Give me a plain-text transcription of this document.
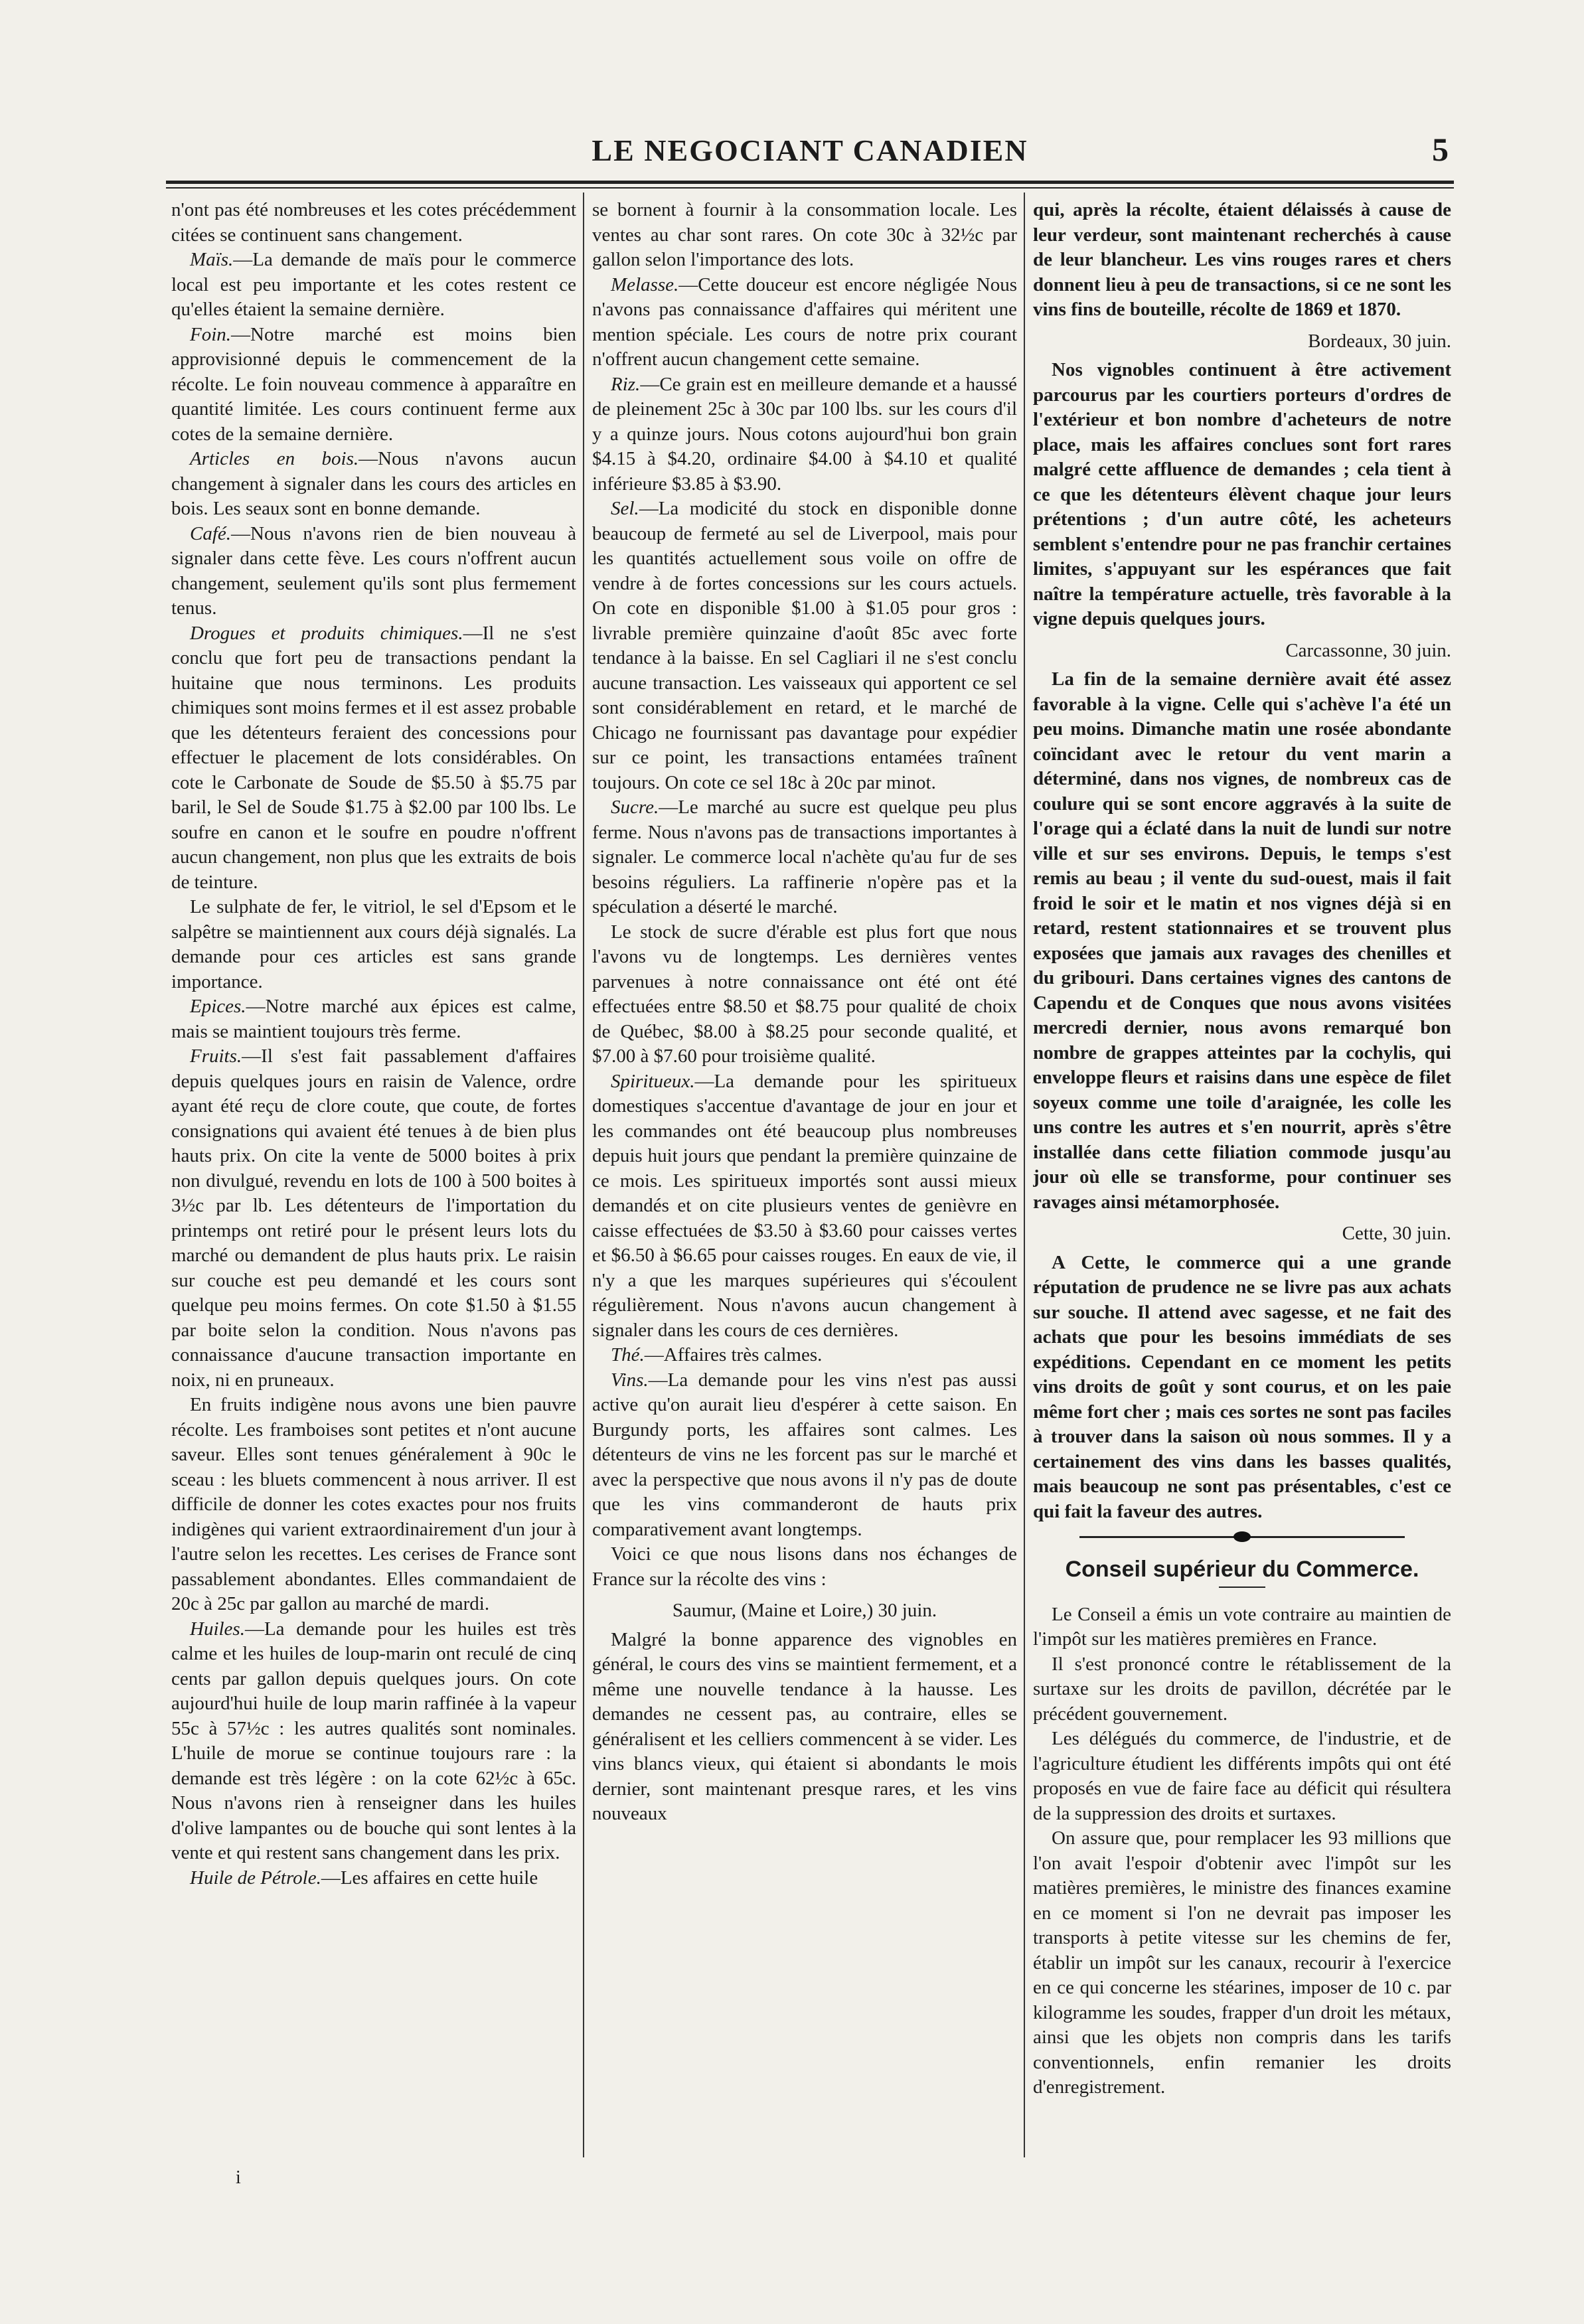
LE NEGOCIANT CANADIEN	5

n'ont pas été nombreuses et les cotes précédemment citées se continuent sans changement.

Maïs.—La demande de maïs pour le commerce local est peu importante et les cotes restent ce qu'elles étaient la semaine dernière.

Foin.—Notre marché est moins bien approvisionné depuis le commencement de la récolte. Le foin nouveau commence à apparaître en quantité limitée. Les cours continuent ferme aux cotes de la semaine dernière.

Articles en bois.—Nous n'avons aucun changement à signaler dans les cours des articles en bois. Les seaux sont en bonne demande.

Café.—Nous n'avons rien de bien nouveau à signaler dans cette fève. Les cours n'offrent aucun changement, seulement qu'ils sont plus fermement tenus.

Drogues et produits chimiques.—Il ne s'est conclu que fort peu de transactions pendant la huitaine que nous terminons. Les produits chimiques sont moins fermes et il est assez probable que les détenteurs feraient des concessions pour effectuer le placement de lots considérables. On cote le Carbonate de Soude de $5.50 à $5.75 par baril, le Sel de Soude $1.75 à $2.00 par 100 lbs. Le soufre en canon et le soufre en poudre n'offrent aucun changement, non plus que les extraits de bois de teinture.

Le sulphate de fer, le vitriol, le sel d'Epsom et le salpêtre se maintiennent aux cours déjà signalés. La demande pour ces articles est sans grande importance.

Epices.—Notre marché aux épices est calme, mais se maintient toujours très ferme.

Fruits.—Il s'est fait passablement d'affaires depuis quelques jours en raisin de Valence, ordre ayant été reçu de clore coute, que coute, de fortes consignations qui avaient été tenues à de bien plus hauts prix. On cite la vente de 5000 boites à prix non divulgué, revendu en lots de 100 à 500 boites à 3½c par lb. Les détenteurs de l'importation du printemps ont retiré pour le présent leurs lots du marché ou demandent de plus hauts prix. Le raisin sur couche est peu demandé et les cours sont quelque peu moins fermes. On cote $1.50 à $1.55 par boite selon la condition. Nous n'avons pas connaissance d'aucune transaction importante en noix, ni en pruneaux.

En fruits indigène nous avons une bien pauvre récolte. Les framboises sont petites et n'ont aucune saveur. Elles sont tenues généralement à 90c le sceau : les bluets commencent à nous arriver. Il est difficile de donner les cotes exactes pour nos fruits indigènes qui varient extraordinairement d'un jour à l'autre selon les recettes. Les cerises de France sont passablement abondantes. Elles commandaient de 20c à 25c par gallon au marché de mardi.

Huiles.—La demande pour les huiles est très calme et les huiles de loup-marin ont reculé de cinq cents par gallon depuis quelques jours. On cote aujourd'hui huile de loup marin raffinée à la vapeur 55c à 57½c : les autres qualités sont nominales. L'huile de morue se continue toujours rare : la demande est très légère : on la cote 62½c à 65c. Nous n'avons rien à renseigner dans les huiles d'olive lampantes ou de bouche qui sont lentes à la vente et qui restent sans changement dans les prix.

Huile de Pétrole.—Les affaires en cette huile

se bornent à fournir à la consommation locale. Les ventes au char sont rares. On cote 30c à 32½c par gallon selon l'importance des lots.

Melasse.—Cette douceur est encore négligée Nous n'avons pas connaissance d'affaires qui méritent une mention spéciale. Les cours de notre prix courant n'offrent aucun changement cette semaine.

Riz.—Ce grain est en meilleure demande et a haussé de pleinement 25c à 30c par 100 lbs. sur les cours d'il y a quinze jours. Nous cotons aujourd'hui bon grain $4.15 à $4.20, ordinaire $4.00 à $4.10 et qualité inférieure $3.85 à $3.90.

Sel.—La modicité du stock en disponible donne beaucoup de fermeté au sel de Liverpool, mais pour les quantités actuellement sous voile on offre de vendre à de fortes concessions sur les cours actuels. On cote en disponible $1.00 à $1.05 pour gros : livrable première quinzaine d'août 85c avec forte tendance à la baisse. En sel Cagliari il ne s'est conclu aucune transaction. Les vaisseaux qui apportent ce sel sont considérablement en retard, et le marché de Chicago ne fournissant pas davantage pour expédier sur ce point, les transactions entamées traînent toujours. On cote ce sel 18c à 20c par minot.

Sucre.—Le marché au sucre est quelque peu plus ferme. Nous n'avons pas de transactions importantes à signaler. Le commerce local n'achète qu'au fur de ses besoins réguliers. La raffinerie n'opère pas et la spéculation a déserté le marché.

Le stock de sucre d'érable est plus fort que nous l'avons vu de longtemps. Les dernières ventes parvenues à notre connaissance ont été ont été effectuées entre $8.50 et $8.75 pour qualité de choix de Québec, $8.00 à $8.25 pour seconde qualité, et $7.00 à $7.60 pour troisième qualité.

Spiritueux.—La demande pour les spiritueux domestiques s'accentue d'avantage de jour en jour et les commandes ont été beaucoup plus nombreuses depuis huit jours que pendant la première quinzaine de ce mois. Les spiritueux importés sont aussi mieux demandés et on cite plusieurs ventes de genièvre en caisse effectuées de $3.50 à $3.60 pour caisses vertes et $6.50 à $6.65 pour caisses rouges. En eaux de vie, il n'y a que les marques supérieures qui s'écoulent régulièrement. Nous n'avons aucun changement à signaler dans les cours de ces dernières.

Thé.—Affaires très calmes.

Vins.—La demande pour les vins n'est pas aussi active qu'on aurait lieu d'espérer à cette saison. En Burgundy ports, les affaires sont calmes. Les détenteurs de vins ne les forcent pas sur le marché et avec la perspective que nous avons il n'y pas de doute que les vins commanderont de hauts prix comparativement avant longtemps.

Voici ce que nous lisons dans nos échanges de France sur la récolte des vins :

Saumur, (Maine et Loire,) 30 juin.

Malgré la bonne apparence des vignobles en général, le cours des vins se maintient fermement, et a même une nouvelle tendance à la hausse. Les demandes ne cessent pas, au contraire, elles se généralisent et les celliers commencent à se vider. Les vins blancs vieux, qui étaient si abondants le mois dernier, sont maintenant presque rares, et les vins nouveaux

qui, après la récolte, étaient délaissés à cause de leur verdeur, sont maintenant recherchés à cause de leur blancheur. Les vins rouges rares et chers donnent lieu à peu de transactions, si ce ne sont les vins fins de bouteille, récolte de 1869 et 1870.

Bordeaux, 30 juin.

Nos vignobles continuent à être activement parcourus par les courtiers porteurs d'ordres de l'extérieur et bon nombre d'acheteurs de notre place, mais les affaires conclues sont fort rares malgré cette affluence de demandes ; cela tient à ce que les détenteurs élèvent chaque jour leurs prétentions ; d'un autre côté, les acheteurs semblent s'entendre pour ne pas franchir certaines limites, s'appuyant sur les espérances que fait naître la température actuelle, très favorable à la vigne depuis quelques jours.

Carcassonne, 30 juin.

La fin de la semaine dernière avait été assez favorable à la vigne. Celle qui s'achève l'a été un peu moins. Dimanche matin une rosée abondante coïncidant avec le retour du vent marin a déterminé, dans nos vignes, de nombreux cas de coulure qui se sont encore aggravés à la suite de l'orage qui a éclaté dans la nuit de lundi sur notre ville et sur ses environs. Depuis, le temps s'est remis au beau ; il vente du sud-ouest, mais il fait froid le soir et le matin et nos vignes déjà si en retard, restent stationnaires et se trouvent plus exposées que jamais aux ravages des chenilles et du gribouri. Dans certaines vignes des cantons de Capendu et de Conques que nous avons visitées mercredi dernier, nous avons remarqué bon nombre de grappes atteintes par la cochylis, qui enveloppe fleurs et raisins dans une espèce de filet soyeux comme une toile d'araignée, les colle les uns contre les autres et s'en nourrit, après s'être installée dans cette filiation commode jusqu'au jour où elle se transforme, pour continuer ses ravages ainsi métamorphosée.

Cette, 30 juin.

A Cette, le commerce qui a une grande réputation de prudence ne se livre pas aux achats sur souche. Il attend avec sagesse, et ne fait des achats que pour les besoins immédiats de ses expéditions. Cependant en ce moment les petits vins droits de goût y sont courus, et on les paie même fort cher ; mais ces sortes ne sont pas faciles à trouver dans la saison où nous sommes. Il y a certainement des vins dans les basses qualités, mais beaucoup ne sont pas présentables, c'est ce qui fait la faveur des autres.

Conseil supérieur du Commerce.

Le Conseil a émis un vote contraire au maintien de l'impôt sur les matières premières en France.

Il s'est prononcé contre le rétablissement de la surtaxe sur les droits de pavillon, décrétée par le précédent gouvernement.

Les délégués du commerce, de l'industrie, et de l'agriculture étudient les différents impôts qui ont été proposés en vue de faire face au déficit qui résultera de la suppression des droits et surtaxes.

On assure que, pour remplacer les 93 millions que l'on avait l'espoir d'obtenir avec l'impôt sur les matières premières, le ministre des finances examine en ce moment si l'on ne devrait pas imposer les transports à petite vitesse sur les chemins de fer, établir un impôt sur les canaux, recourir à l'exercice en ce qui concerne les stéarines, imposer de 10 c. par kilogramme les soudes, frapper d'un droit les métaux, ainsi que les objets non compris dans les tarifs conventionnels, enfin remanier les droits d'enregistrement.

i
